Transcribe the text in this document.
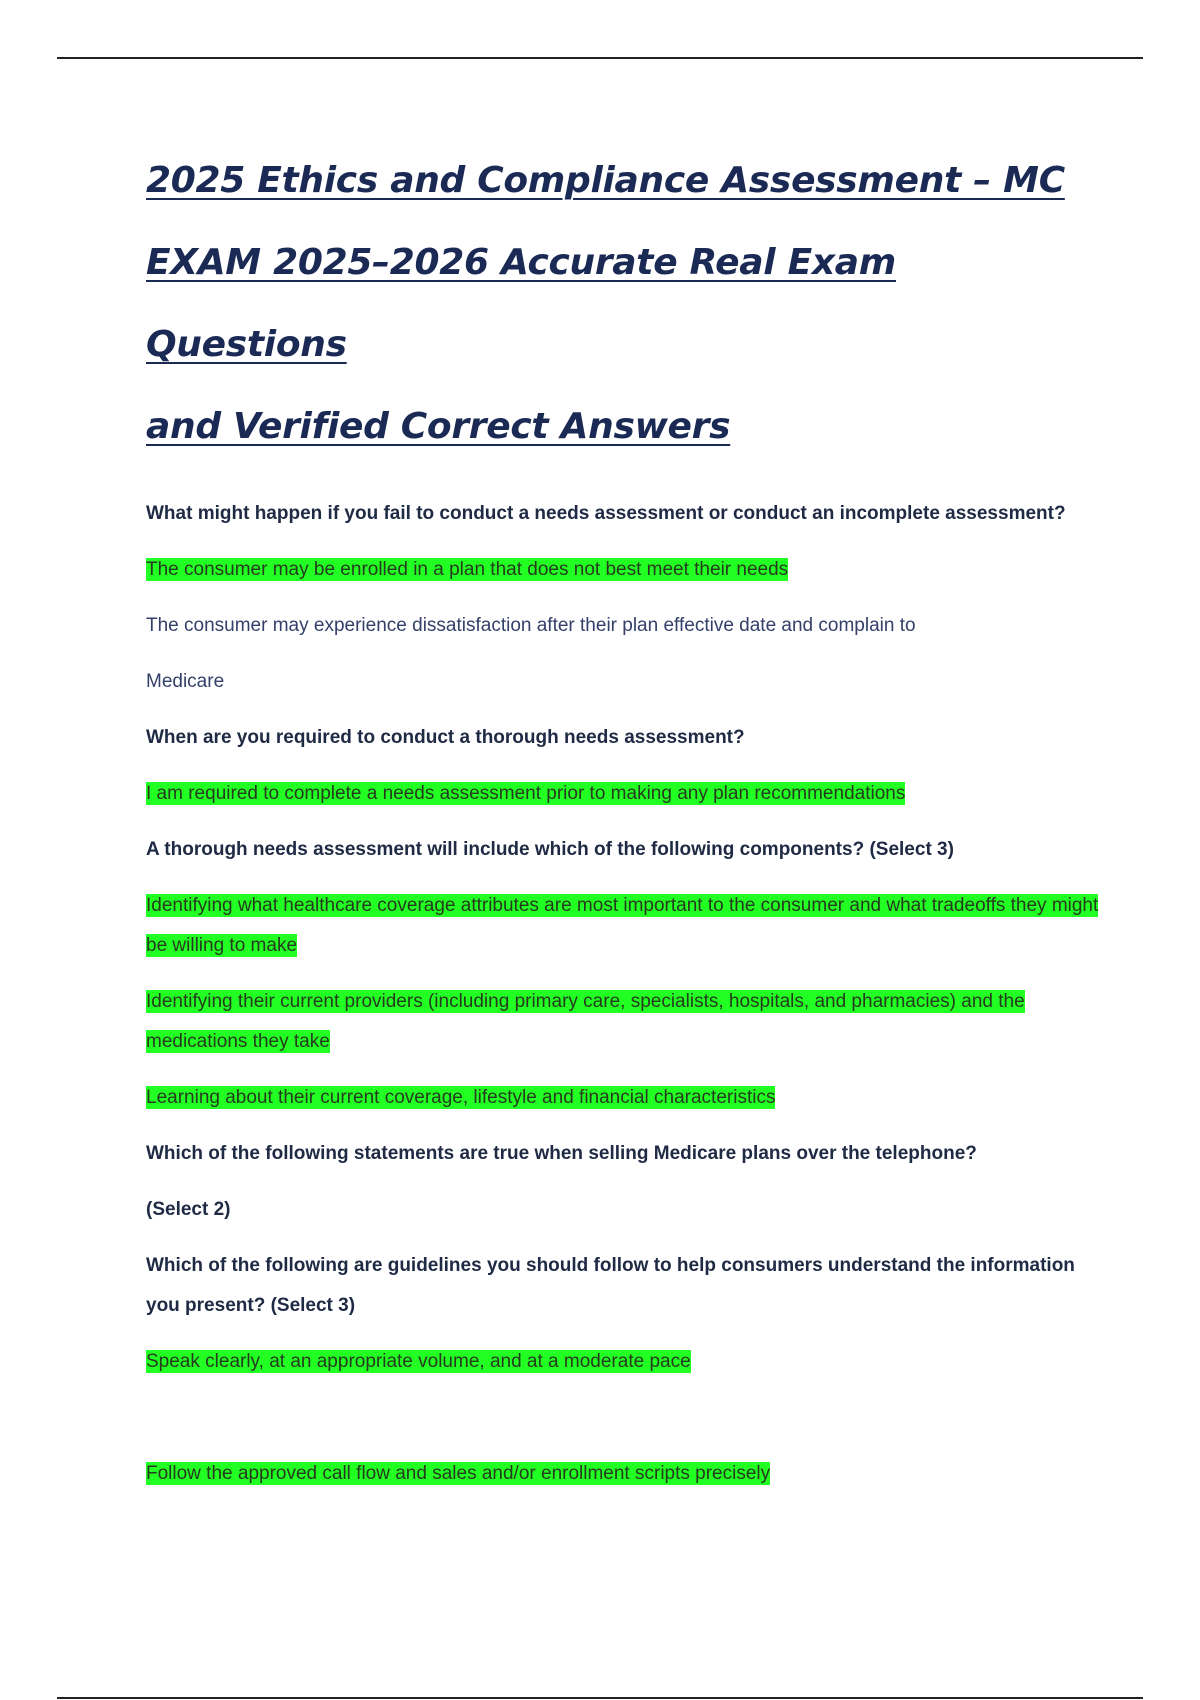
2025 Ethics and Compliance Assessment – MC
EXAM 2025–2026 Accurate Real Exam Questions
and Verified Correct Answers

What might happen if you fail to conduct a needs assessment or conduct an incomplete assessment?

The consumer may be enrolled in a plan that does not best meet their needs

The consumer may experience dissatisfaction after their plan effective date and complain to

Medicare

When are you required to conduct a thorough needs assessment?

I am required to complete a needs assessment prior to making any plan recommendations

A thorough needs assessment will include which of the following components? (Select 3)

Identifying what healthcare coverage attributes are most important to the consumer and what tradeoffs they might be willing to make

Identifying their current providers (including primary care, specialists, hospitals, and pharmacies) and the medications they take

Learning about their current coverage, lifestyle and financial characteristics

Which of the following statements are true when selling Medicare plans over the telephone?

(Select 2)

Which of the following are guidelines you should follow to help consumers understand the information you present? (Select 3)

Speak clearly, at an appropriate volume, and at a moderate pace

Follow the approved call flow and sales and/or enrollment scripts precisely
